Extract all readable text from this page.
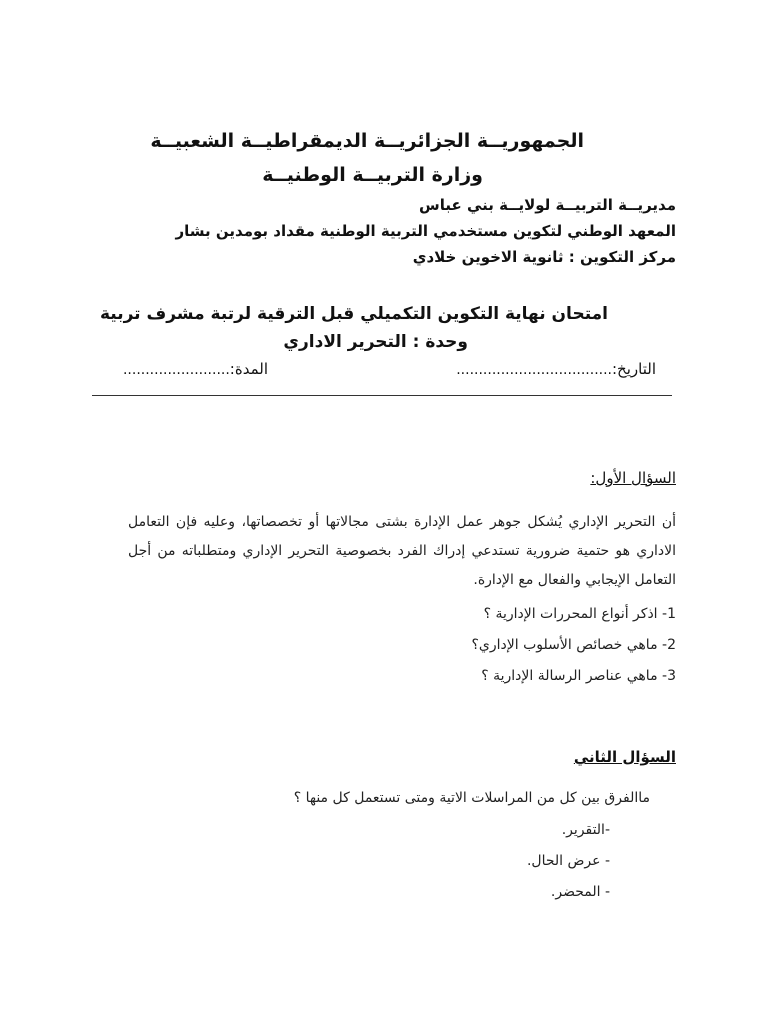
الجمهوريــة الجزائريــة الديمقراطيــة الشعبيــة
وزارة التربيــة الوطنيــة
مديريــة التربيــة لولايــة بني عباس
المعهد الوطني لتكوين مستخدمي التربية الوطنية مقداد بومدين بشار
مركز التكوين : ثانوية الاخوين خلادي
امتحان نهاية التكوين التكميلي قبل الترقية لرتبة مشرف تربية
وحدة : التحرير الاداري
التاريخ:...................................
المدة:........................
السؤال الأول:
أن التحرير الإداري يُشكل جوهر عمل الإدارة بشتى مجالاتها أو تخصصاتها، وعليه فإن التعامل الاداري هو حتمية ضرورية تستدعي إدراك الفرد بخصوصية التحرير الإداري ومتطلباته من أجل التعامل الإيجابي والفعال مع الإدارة.
1- اذكر أنواع المحررات الإدارية ؟
2- ماهي خصائص الأسلوب الإداري؟
3- ماهي عناصر الرسالة الإدارية ؟
السؤال الثاني
ماالفرق بين كل من المراسلات الاتية ومتى تستعمل كل منها ؟
-التقرير.
- عرض الحال.
- المحضر.
